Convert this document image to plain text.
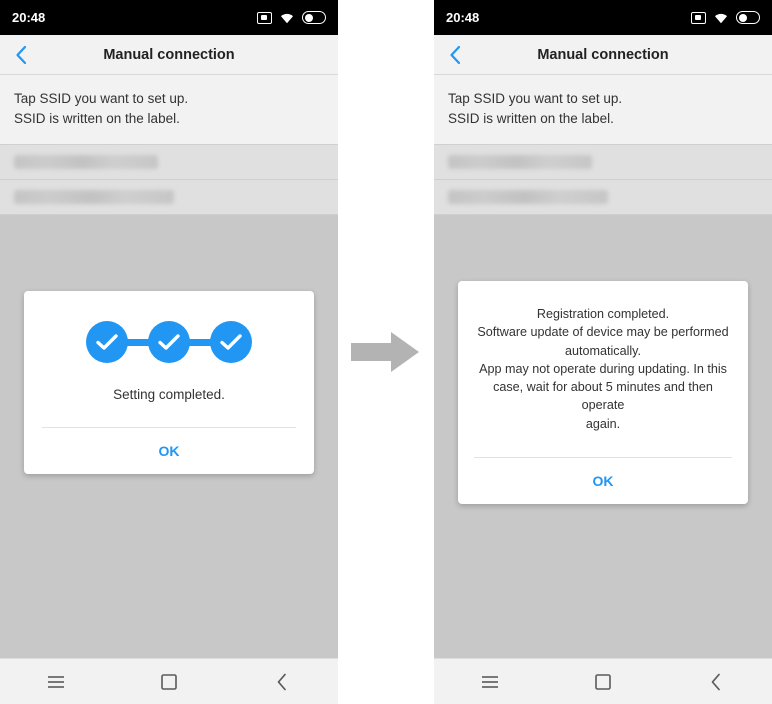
20:48
Manual connection
Tap SSID you want to set up.
SSID is written on the label.
Setting completed.
OK
20:48
Manual connection
Tap SSID you want to set up.
SSID is written on the label.
Registration completed.
Software update of device may be performed
automatically.
App may not operate during updating. In this
case, wait for about 5 minutes and then operate
again.
OK
